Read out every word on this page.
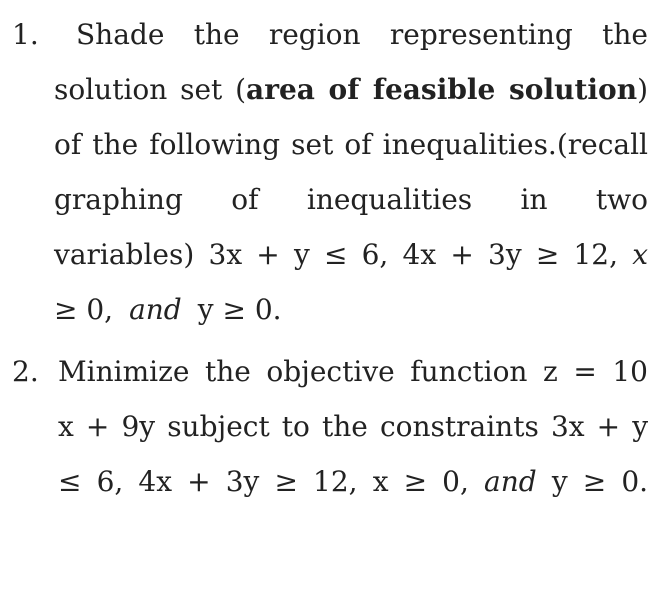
1. Shade the region representing the
solution set (area of feasible solution)
of the following set of inequalities.(recall
graphing of inequalities in two
variables) 3x + y ≤ 6, 4x + 3y ≥ 12, x
≥ 0, and y ≥ 0.
2. Minimize the objective function z = 10
x + 9y subject to the constraints 3x + y
≤ 6, 4x + 3y ≥ 12, x ≥ 0, and y ≥ 0.
